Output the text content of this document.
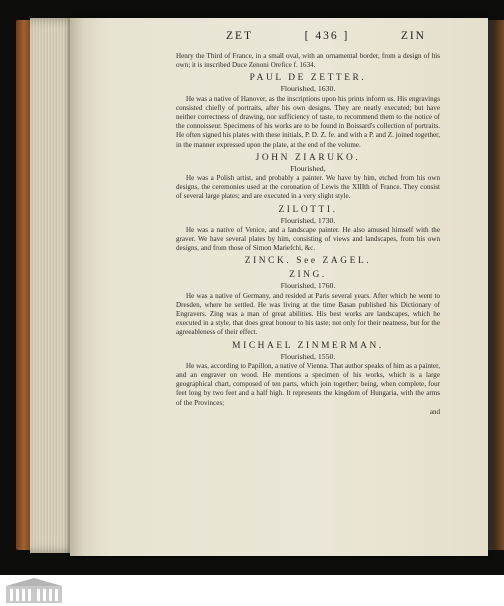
ZET	[ 436 ]	ZIN

Henry the Third of France, in a small oval, with an ornamental border, from a design of his own; it is inscribed Duce Zenoni Orefice f. 1634.

PAUL DE ZETTER.
Flourished, 1630.

He was a native of Hanover, as the inscriptions upon his prints inform us. His engravings consisted chiefly of portraits, after his own designs. They are neatly executed; but have neither correctness of drawing, nor sufficiency of taste, to recommend them to the notice of the connoisseur. Specimens of his works are to be found in Boissard's collection of portraits. He often signed his plates with these initials, P. D. Z. fe. and with a P. and Z. joined together, in the manner expressed upon the plate, at the end of the volume.

JOHN ZIARUKO.
Flourished,

He was a Polish artist, and probably a painter. We have by him, etched from his own designs, the ceremonies used at the coronation of Lewis the XIIIth of France. They consist of several large plates; and are executed in a very slight style.

ZILOTTI.
Flourished, 1730.

He was a native of Venice, and a landscape painter. He also amused himself with the graver. We have several plates by him, consisting of views and landscapes, from his own designs, and from those of Simon Mariefchi, &c.

ZINCK. See ZAGEL.
ZING.
Flourished, 1760.

He was a native of Germany, and resided at Paris several years. After which he went to Dresden, where he settled. He was living at the time Basan published his Dictionary of Engravers. Zing was a man of great abilities. His best works are landscapes, which he executed in a style, that does great honour to his taste; not only for their neatness, but for the agreeableness of their effect.

MICHAEL ZINMERMAN.
Flourished, 1550.

He was, according to Papillon, a native of Vienna. That author speaks of him as a painter, and an engraver on wood. He mentions a specimen of his works, which is a large geographical chart, composed of ten parts, which join together; being, when complete, four feet long by two feet and a half high. It represents the kingdom of Hungaria, with the arms of the Provinces;

and
